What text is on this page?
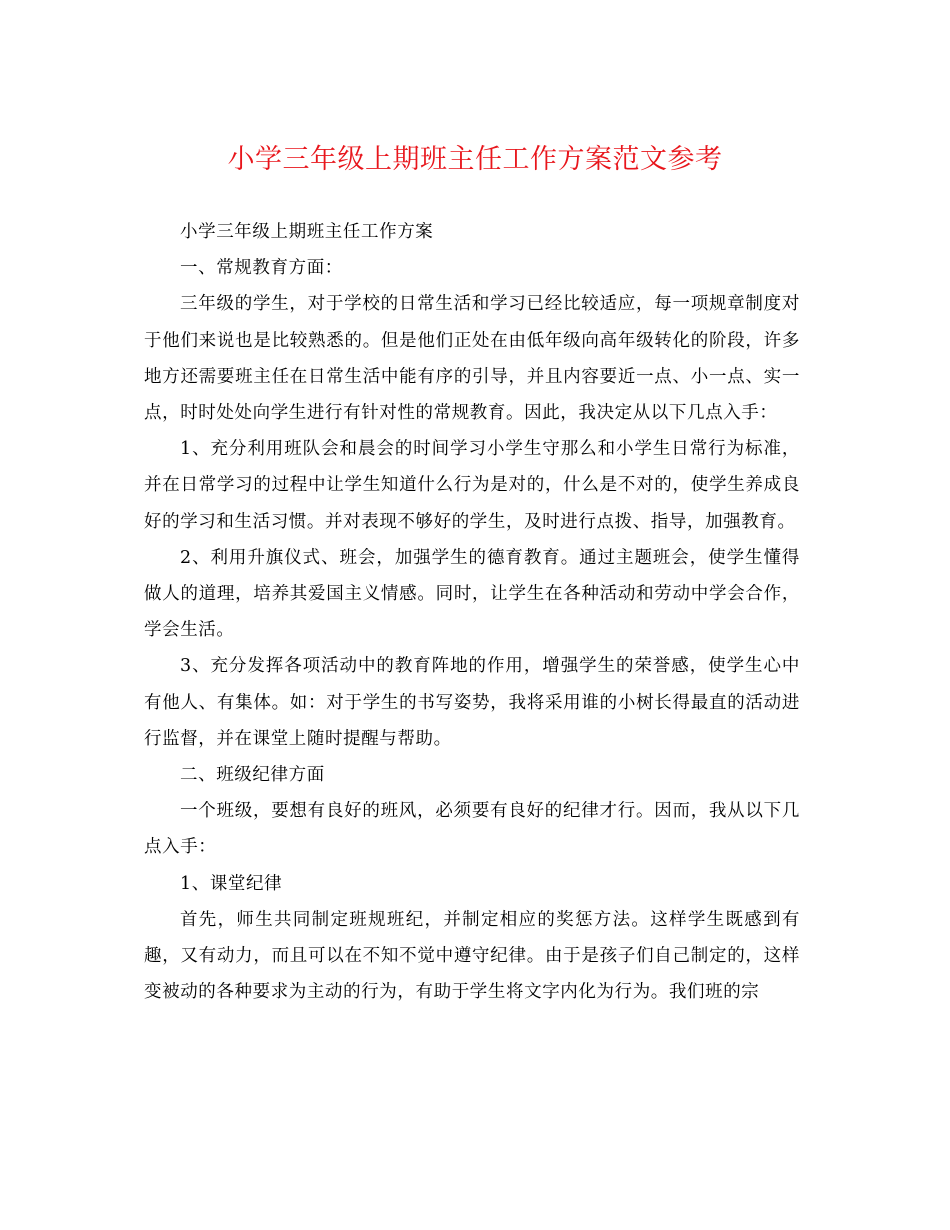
小学三年级上期班主任工作方案范文参考

小学三年级上期班主任工作方案

一、常规教育方面：

三年级的学生，对于学校的日常生活和学习已经比较适应，每一项规章制度对于他们来说也是比较熟悉的。但是他们正处在由低年级向高年级转化的阶段，许多地方还需要班主任在日常生活中能有序的引导，并且内容要近一点、小一点、实一点，时时处处向学生进行有针对性的常规教育。因此，我决定从以下几点入手：

1、充分利用班队会和晨会的时间学习小学生守那么和小学生日常行为标准，并在日常学习的过程中让学生知道什么行为是对的，什么是不对的，使学生养成良好的学习和生活习惯。并对表现不够好的学生，及时进行点拨、指导，加强教育。

2、利用升旗仪式、班会，加强学生的德育教育。通过主题班会，使学生懂得做人的道理，培养其爱国主义情感。同时，让学生在各种活动和劳动中学会合作，学会生活。

3、充分发挥各项活动中的教育阵地的作用，增强学生的荣誉感，使学生心中有他人、有集体。如：对于学生的书写姿势，我将采用谁的小树长得最直的活动进行监督，并在课堂上随时提醒与帮助。

二、班级纪律方面

一个班级，要想有良好的班风，必须要有良好的纪律才行。因而，我从以下几点入手：

1、课堂纪律

首先，师生共同制定班规班纪，并制定相应的奖惩方法。这样学生既感到有趣，又有动力，而且可以在不知不觉中遵守纪律。由于是孩子们自己制定的，这样变被动的各种要求为主动的行为，有助于学生将文字内化为行为。我们班的宗
